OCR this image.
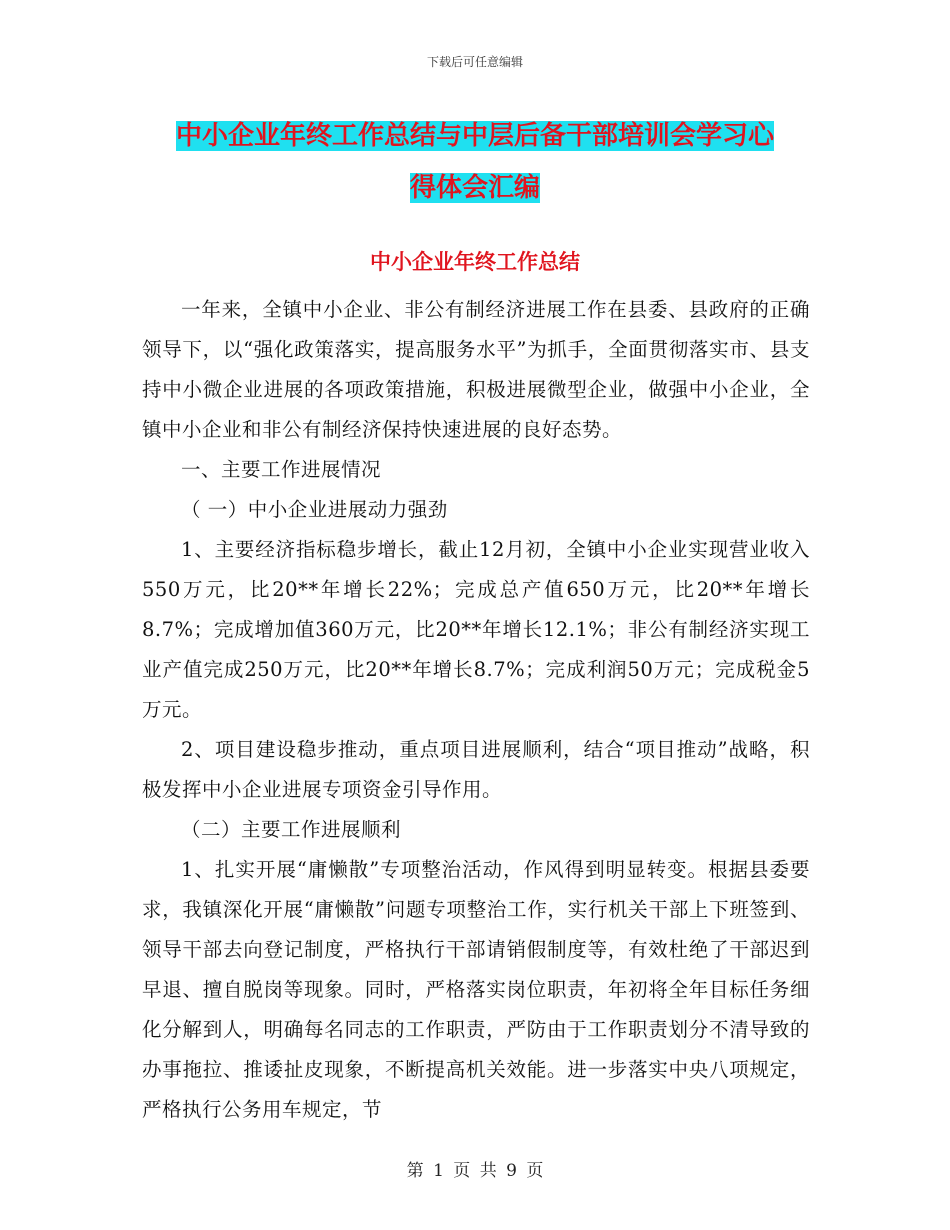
下载后可任意编辑
中小企业年终工作总结与中层后备干部培训会学习心
得体会汇编
中小企业年终工作总结

一年来，全镇中小企业、非公有制经济进展工作在县委、县政府的正确领导下，以“强化政策落实，提高服务水平”为抓手，全面贯彻落实市、县支持中小微企业进展的各项政策措施，积极进展微型企业，做强中小企业，全镇中小企业和非公有制经济保持快速进展的良好态势。

一、主要工作进展情况

（ 一）中小企业进展动力强劲

1、主要经济指标稳步增长，截止12月初，全镇中小企业实现营业收入550万元，比20**年增长22%；完成总产值650万元，比20**年增长8.7%；完成增加值360万元，比20**年增长12.1%；非公有制经济实现工业产值完成250万元，比20**年增长8.7%；完成利润50万元；完成税金5万元。

2、项目建设稳步推动，重点项目进展顺利，结合“项目推动”战略，积极发挥中小企业进展专项资金引导作用。

（二）主要工作进展顺利

1、扎实开展“庸懒散”专项整治活动，作风得到明显转变。根据县委要求，我镇深化开展“庸懒散”问题专项整治工作，实行机关干部上下班签到、领导干部去向登记制度，严格执行干部请销假制度等，有效杜绝了干部迟到早退、擅自脱岗等现象。同时，严格落实岗位职责，年初将全年目标任务细化分解到人，明确每名同志的工作职责，严防由于工作职责划分不清导致的办事拖拉、推诿扯皮现象，不断提高机关效能。进一步落实中央八项规定，严格执行公务用车规定，节

第 1 页 共 9 页
